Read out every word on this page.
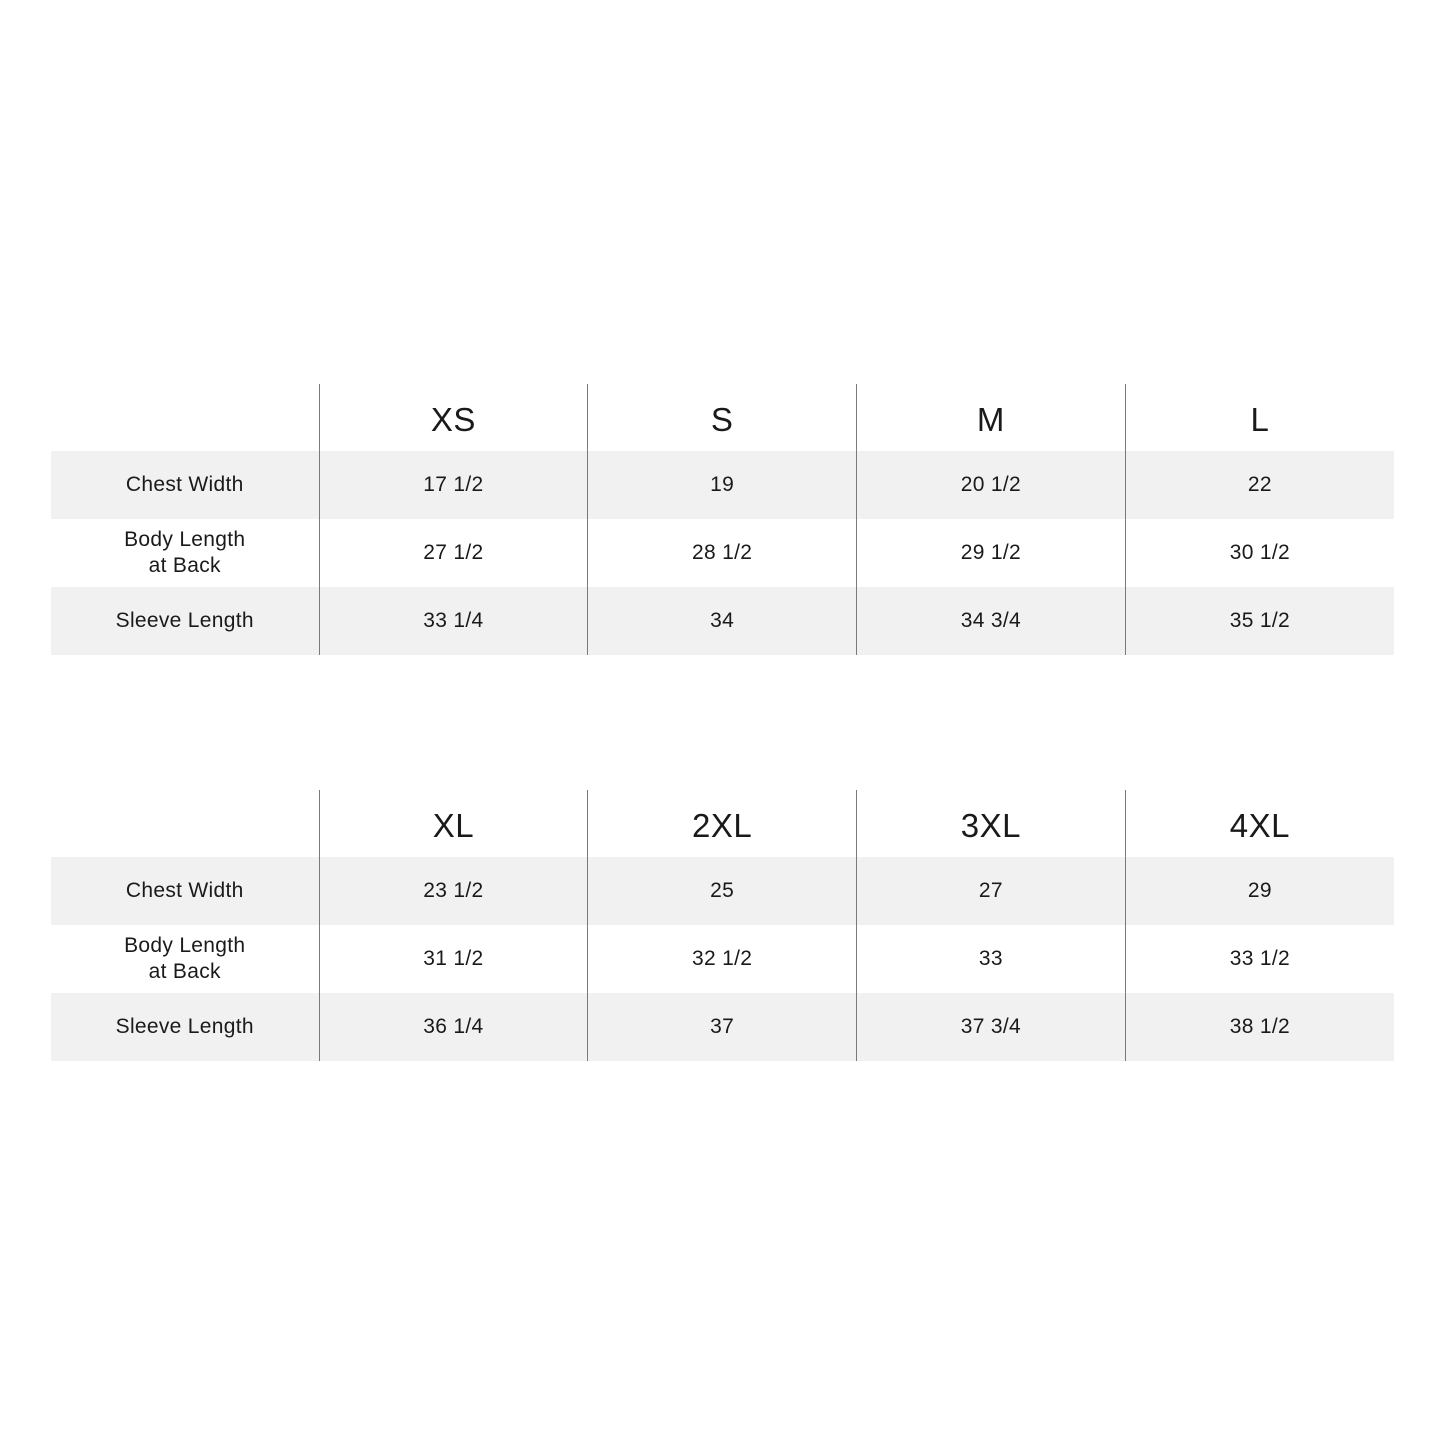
	XS	S	M	L

Chest Width	17 1/2	19	20 1/2	22

Body Length
at Back	27 1/2	28 1/2	29 1/2	30 1/2

Sleeve Length	33 1/4	34	34 3/4	35 1/2
	XL	2XL	3XL	4XL

Chest Width	23 1/2	25	27	29

Body Length
at Back	31 1/2	32 1/2	33	33 1/2

Sleeve Length	36 1/4	37	37 3/4	38 1/2
